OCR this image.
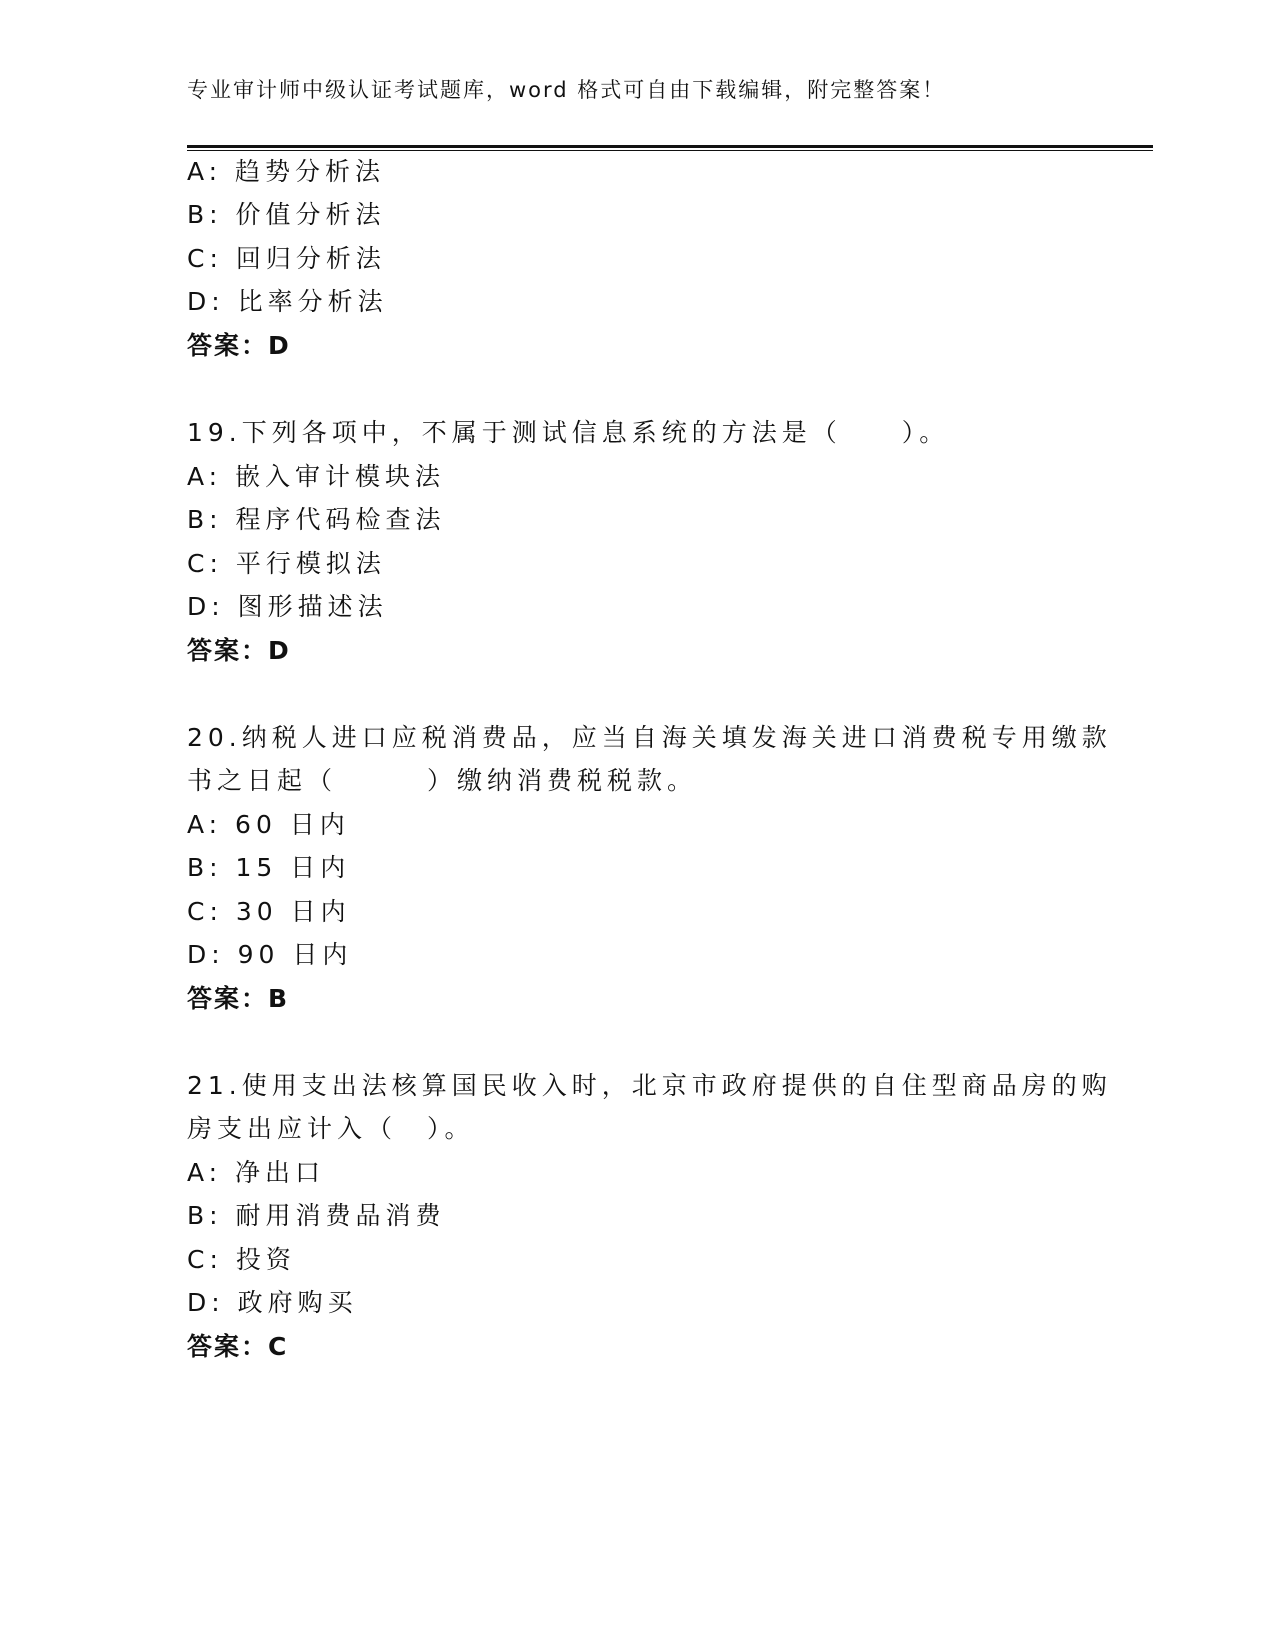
专业审计师中级认证考试题库，word 格式可自由下载编辑，附完整答案！
A: 趋势分析法
B: 价值分析法
C: 回归分析法
D: 比率分析法
答案：D
19.下列各项中，不属于测试信息系统的方法是（　　）。
A: 嵌入审计模块法
B: 程序代码检查法
C: 平行模拟法
D: 图形描述法
答案：D
20.纳税人进口应税消费品，应当自海关填发海关进口消费税专用缴款
书之日起（　　　）缴纳消费税税款。
A: 60 日内
B: 15 日内
C: 30 日内
D: 90 日内
答案：B
21.使用支出法核算国民收入时，北京市政府提供的自住型商品房的购
房支出应计入（　）。
A: 净出口
B: 耐用消费品消费
C: 投资
D: 政府购买
答案：C
